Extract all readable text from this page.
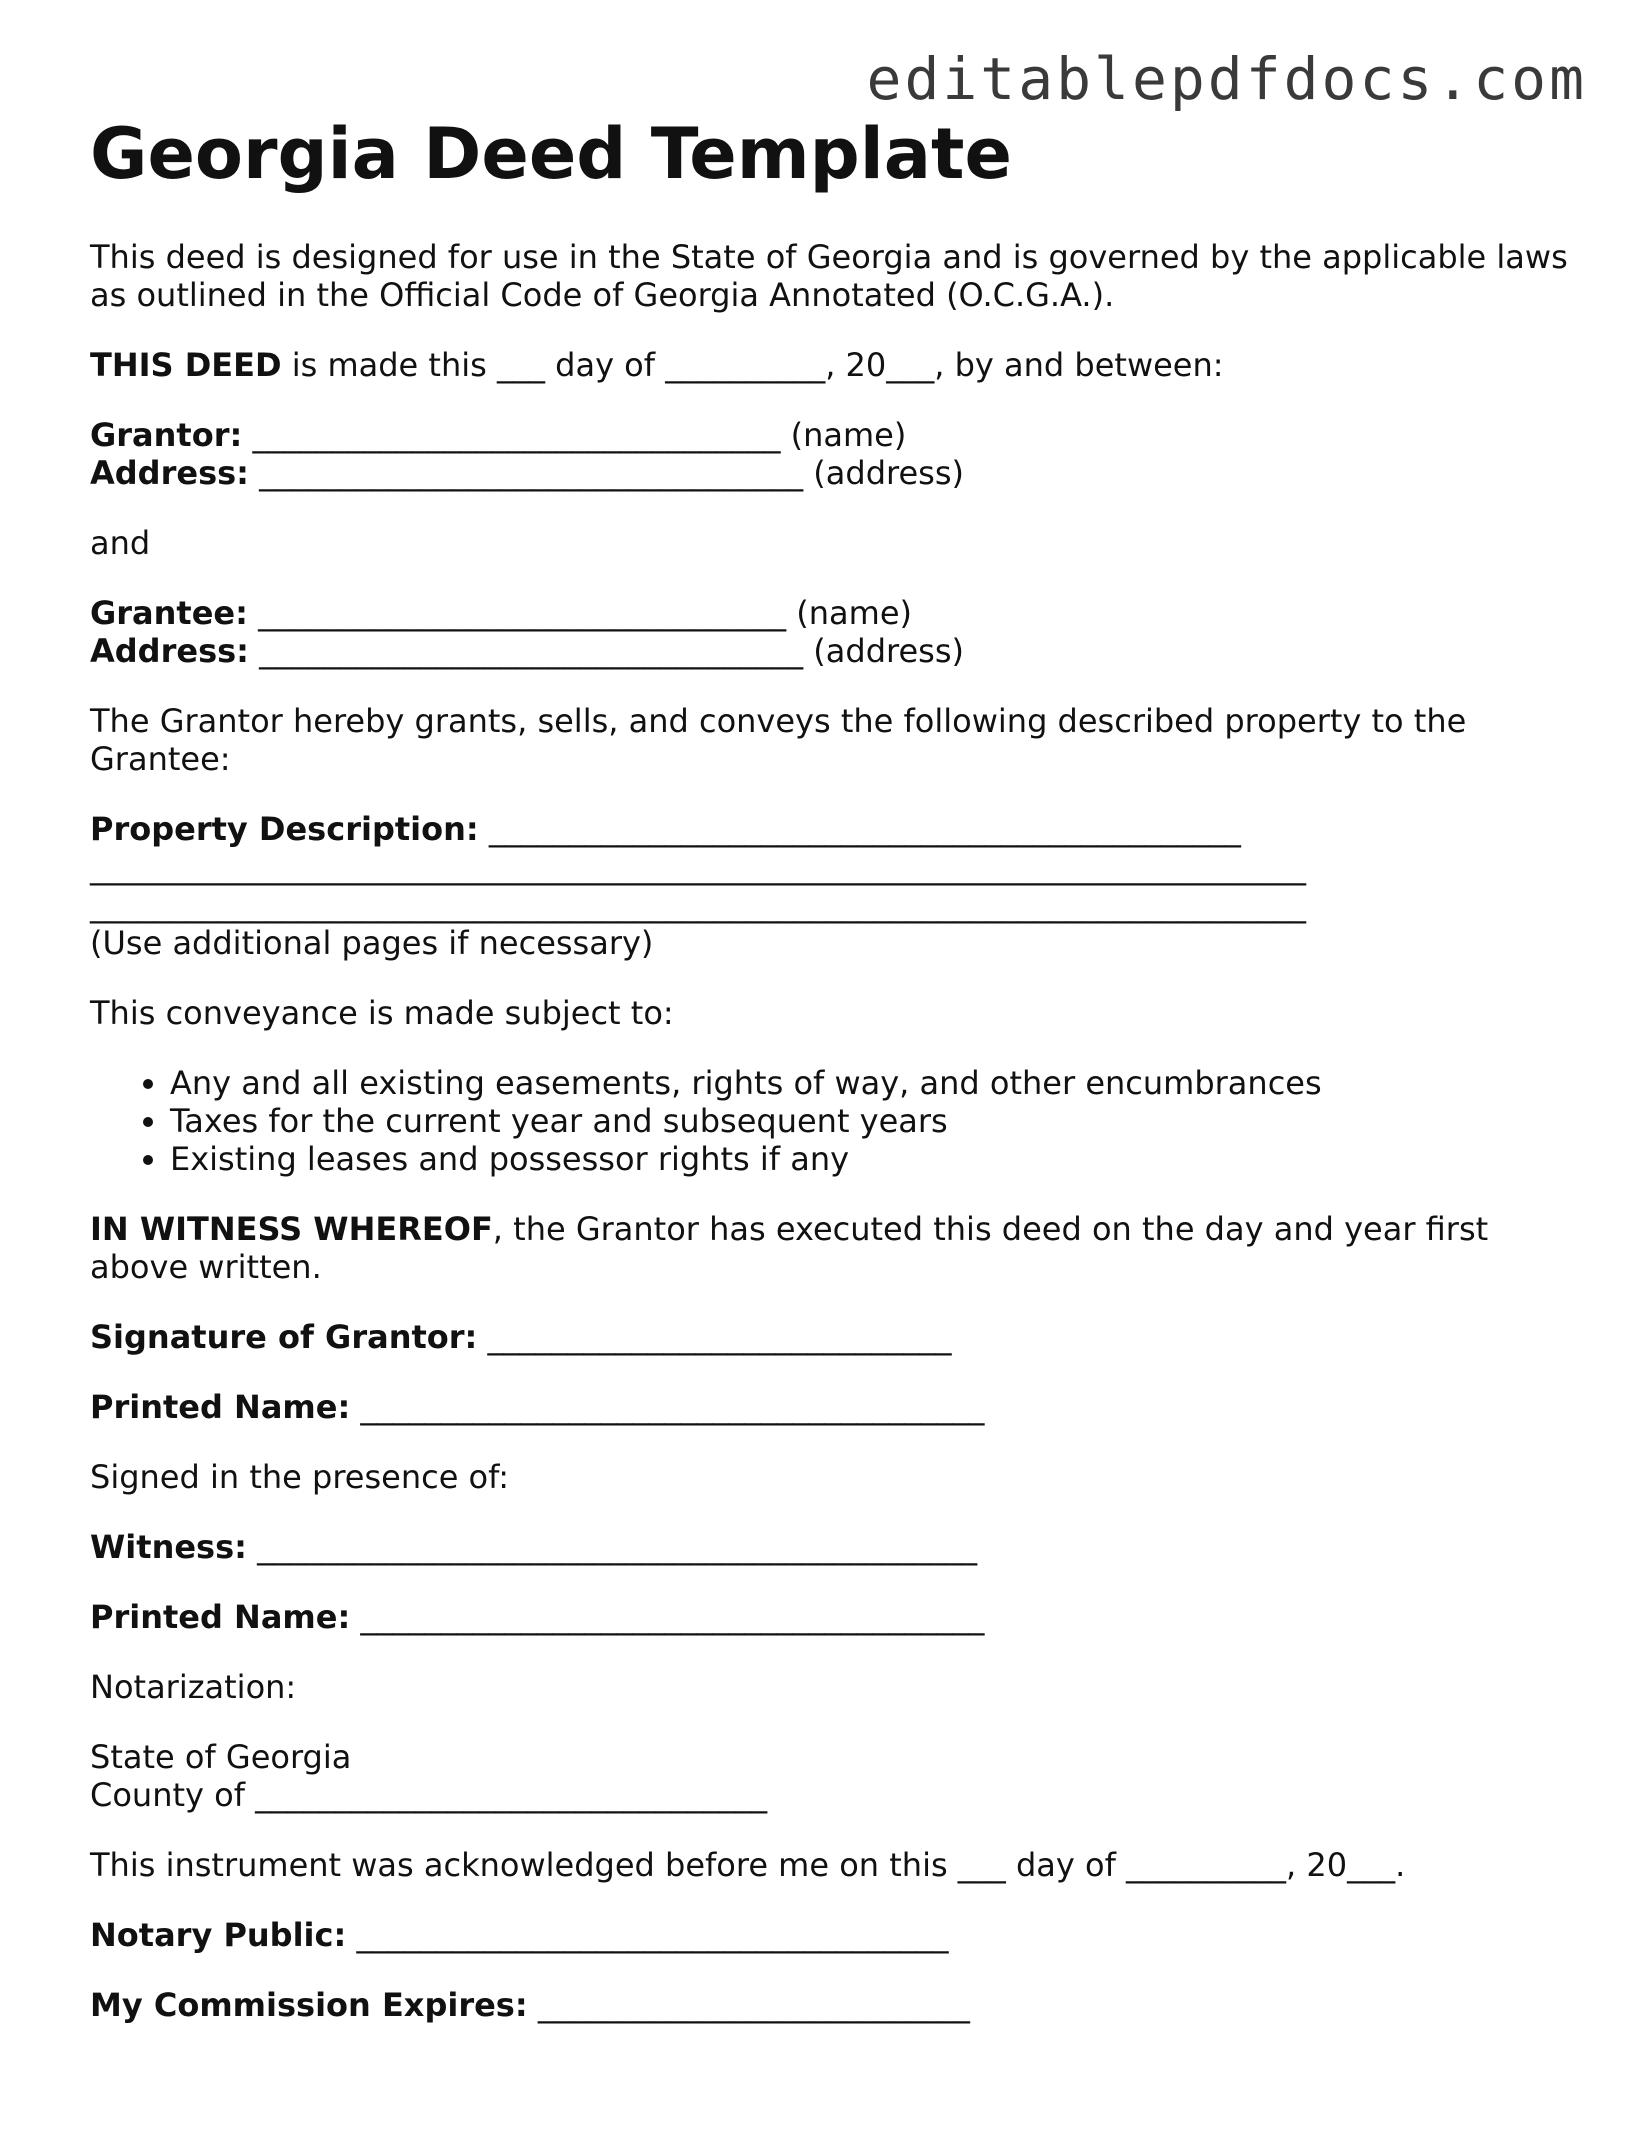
editablepdfdocs.com
Georgia Deed Template

This deed is designed for use in the State of Georgia and is governed by the applicable laws as outlined in the Official Code of Georgia Annotated (O.C.G.A.).

THIS DEED is made this ___ day of __________, 20___, by and between:

Grantor: _________________________________ (name)
Address: __________________________________ (address)

and

Grantee: _________________________________ (name)
Address: __________________________________ (address)

The Grantor hereby grants, sells, and conveys the following described property to the Grantee:

Property Description: _______________________________________________
____________________________________________________________________________
____________________________________________________________________________
(Use additional pages if necessary)

This conveyance is made subject to:

• Any and all existing easements, rights of way, and other encumbrances
• Taxes for the current year and subsequent years
• Existing leases and possessor rights if any

IN WITNESS WHEREOF, the Grantor has executed this deed on the day and year first above written.

Signature of Grantor: _____________________________

Printed Name: _______________________________________

Signed in the presence of:

Witness: _____________________________________________

Printed Name: _______________________________________

Notarization:

State of Georgia
County of ________________________________

This instrument was acknowledged before me on this ___ day of __________, 20___.

Notary Public: _____________________________________

My Commission Expires: ___________________________
